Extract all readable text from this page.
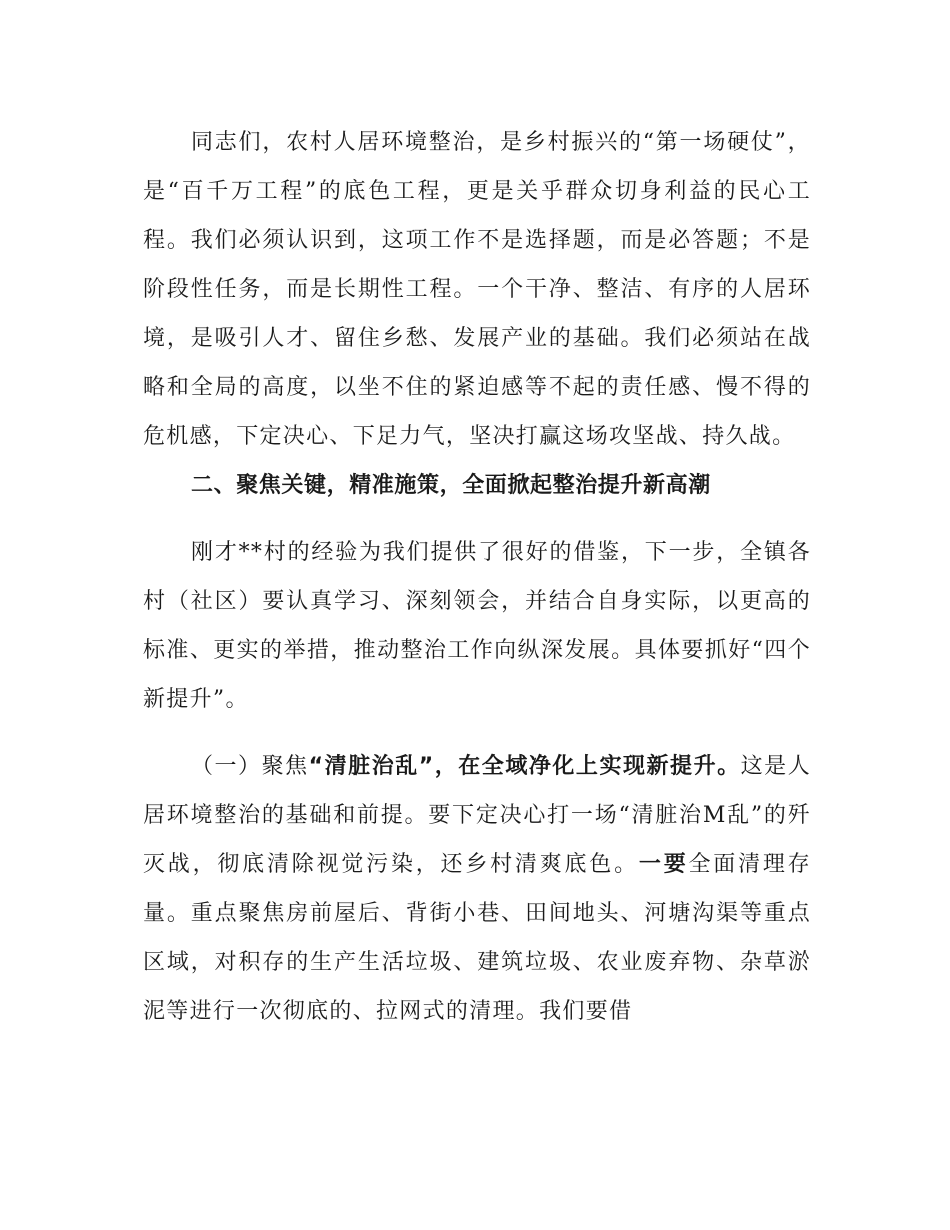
同志们，农村人居环境整治，是乡村振兴的“第一场硬仗”，是“百千万工程”的底色工程，更是关乎群众切身利益的民心工程。我们必须认识到，这项工作不是选择题，而是必答题；不是阶段性任务，而是长期性工程。一个干净、整洁、有序的人居环境，是吸引人才、留住乡愁、发展产业的基础。我们必须站在战略和全局的高度，以坐不住的紧迫感等不起的责任感、慢不得的危机感，下定决心、下足力气，坚决打赢这场攻坚战、持久战。

二、聚焦关键，精准施策，全面掀起整治提升新高潮

刚才**村的经验为我们提供了很好的借鉴，下一步，全镇各村（社区）要认真学习、深刻领会，并结合自身实际，以更高的标准、更实的举措，推动整治工作向纵深发展。具体要抓好“四个新提升”。

（一）聚焦“清脏治乱”，在全域净化上实现新提升。这是人居环境整治的基础和前提。要下定决心打一场“清脏治M乱”的歼灭战，彻底清除视觉污染，还乡村清爽底色。一要全面清理存量。重点聚焦房前屋后、背街小巷、田间地头、河塘沟渠等重点区域，对积存的生产生活垃圾、建筑垃圾、农业废弃物、杂草淤泥等进行一次彻底的、拉网式的清理。我们要借
